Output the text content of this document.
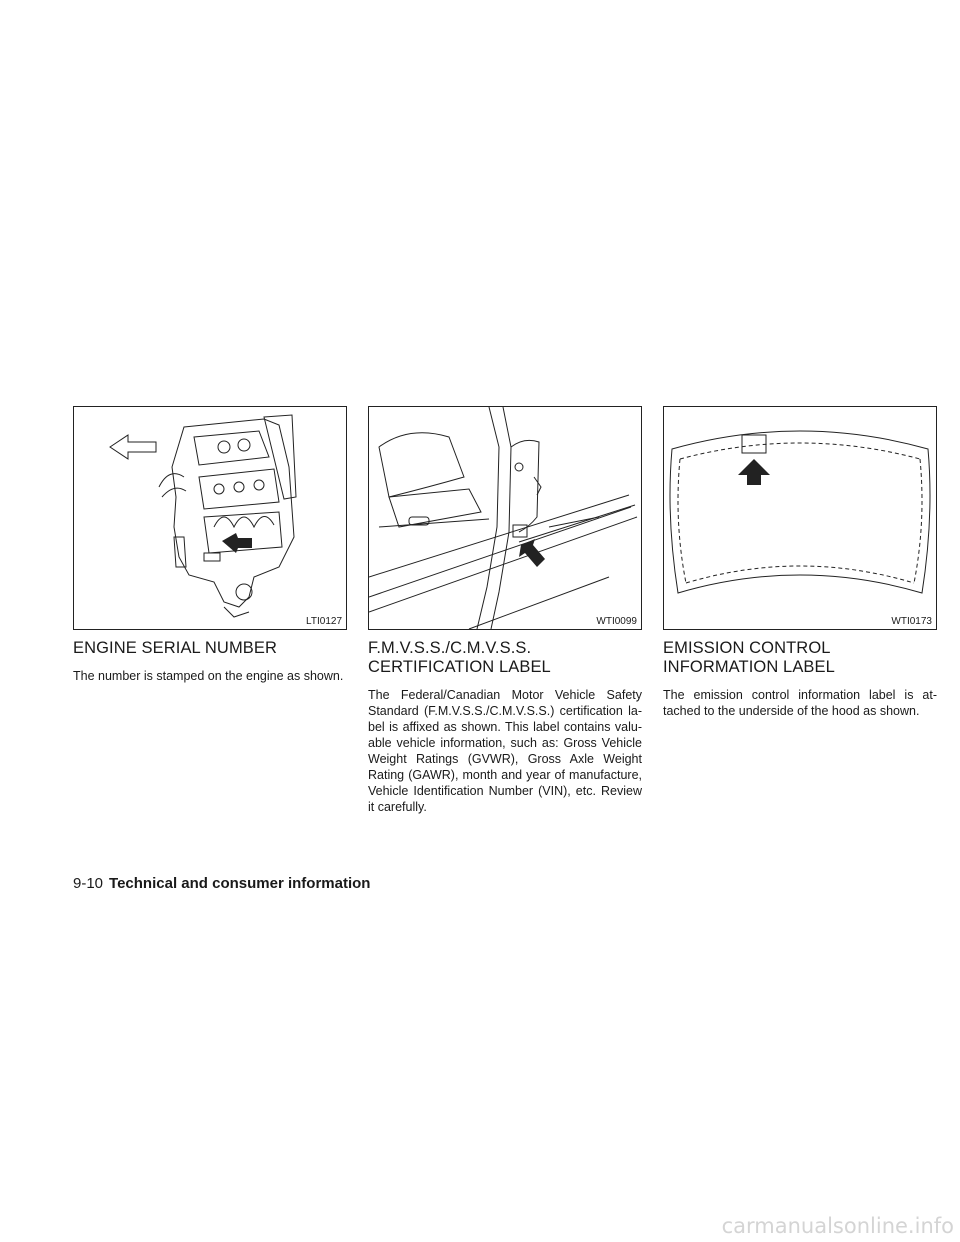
LTI0127
ENGINE SERIAL NUMBER

The number is stamped on the engine as shown.

WTI0099
F.M.V.S.S./C.M.V.S.S. CERTIFICATION LABEL

The Federal/Canadian Motor Vehicle Safety Standard (F.M.V.S.S./C.M.V.S.S.) certification la-bel is affixed as shown. This label contains valu-able vehicle information, such as: Gross Vehicle Weight Ratings (GVWR), Gross Axle Weight Rating (GAWR), month and year of manufacture, Vehicle Identification Number (VIN), etc. Review it carefully.

WTI0173
EMISSION CONTROL INFORMATION LABEL

The emission control information label is at-tached to the underside of the hood as shown.

9-10 Technical and consumer information
carmanualsonline.info
